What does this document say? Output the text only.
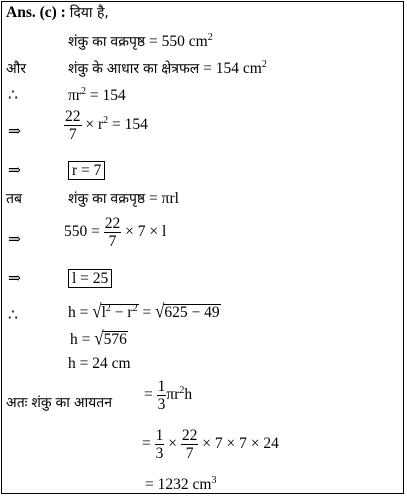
Ans. (c) : दिया है,
शंकु का वक्रपृष्ठ = 550 $cm^2$
और	शंकु के आधार का क्षेत्रफल = 154 $cm^2$
∴	$\pi r^2 = 154$
⇒	$\frac{22}{7} \times r^2 = 154$
⇒	r = 7
तब	शंकु का वक्रपृष्ठ = πrl
⇒	$550 = \frac{22}{7} \times 7 \times l$
⇒	l = 25
∴	$h = √l^2 - r^2 = √625 - 49$
h = √576
h = 24 cm
अतः शंकु का आयतन = $\frac{1}{3} \pi r^2h$
= $\frac{1}{3} \times \frac{22}{7} \times 7 \times 7 \times 24$
= 1232 $cm^3$
